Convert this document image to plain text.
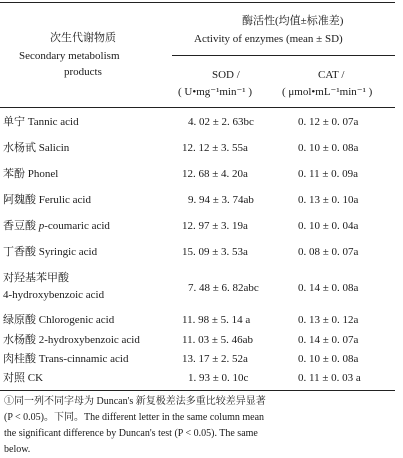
次生代谢物质
Secondary metabolism
products
酶活性(均值±标准差)
Activity of enzymes (mean ± SD)
SOD /
( U•mg⁻¹min⁻¹ )
CAT /
( μmol•mL⁻¹min⁻¹ )
单宁 Tannic acid	4. 02 ± 2. 63bc	0. 12 ± 0. 07a
水杨甙 Salicin	12. 12 ± 3. 55a	0. 10 ± 0. 08a
苯酚 Phonel	12. 68 ± 4. 20a	0. 11 ± 0. 09a
阿魏酸 Ferulic acid	9. 94 ± 3. 74ab	0. 13 ± 0. 10a
香豆酸 p-coumaric acid	12. 97 ± 3. 19a	0. 10 ± 0. 04a
丁香酸 Syringic acid	15. 09 ± 3. 53a	0. 08 ± 0. 07a
对羟基苯甲酸
4-hydroxybenzoic acid
7. 48 ± 6. 82abc	0. 14 ± 0. 08a
绿原酸 Chlorogenic acid	11. 98 ± 5. 14 a	0. 13 ± 0. 12a
水杨酸 2-hydroxybenzoic acid	11. 03 ± 5. 46ab	0. 14 ± 0. 07a
肉桂酸 Trans-cinnamic acid	13. 17 ± 2. 52a	0. 10 ± 0. 08a
对照 CK	1. 93 ± 0. 10c	0. 11 ± 0. 03 a
①同一列不同字母为 Duncan's 新复极差法多重比较差异显著
(P < 0.05)。下同。The different letter in the same column mean
the significant difference by Duncan's test (P < 0.05). The same
below.
